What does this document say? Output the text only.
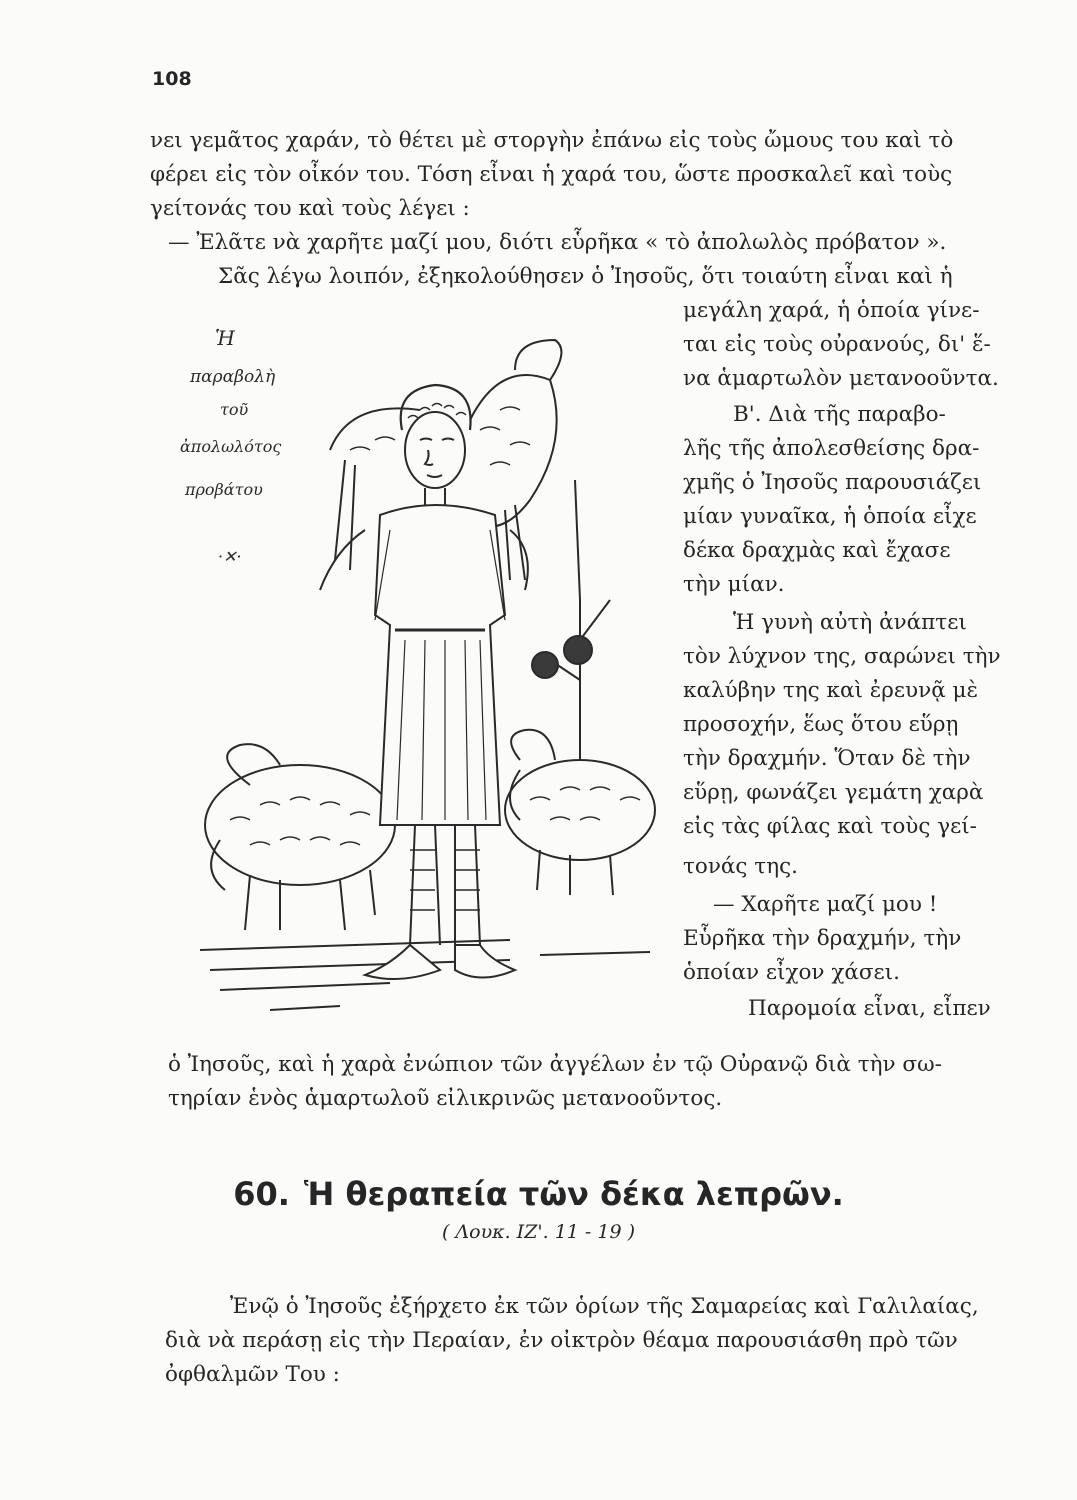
108
νει γεμᾶτος χαράν, τὸ θέτει μὲ στοργὴν ἐπάνω εἰς τοὺς ὤμους του καὶ τὸ
φέρει εἰς τὸν οἶκόν του. Τόση εἶναι ἡ χαρά του, ὥστε προσκαλεῖ καὶ τοὺς
γείτονάς του καὶ τοὺς λέγει :
— Ἐλᾶτε νὰ χαρῆτε μαζί μου, διότι εὗρῆκα « τὸ ἀπολωλὸς πρόβατον ».
Σᾶς λέγω λοιπόν, ἐξηκολούθησεν ὁ Ἰησοῦς, ὅτι τοιαύτη εἶναι καὶ ἡ
μεγάλη χαρά, ἡ ὁποία γίνε-
ται εἰς τοὺς οὐρανούς, δι' ἕ-
να ἁμαρτωλὸν μετανοοῦντα.
Β'. Διὰ τῆς παραβο-
λῆς τῆς ἀπολεσθείσης δρα-
χμῆς ὁ Ἰησοῦς παρουσιάζει
μίαν γυναῖκα, ἡ ὁποία εἶχε
δέκα δραχμὰς καὶ ἔχασε
τὴν μίαν.
Ἡ γυνὴ αὐτὴ ἀνάπτει
τὸν λύχνον της, σαρώνει τὴν
καλύβην της καὶ ἐρευνᾷ μὲ
προσοχήν, ἕως ὅτου εὕρῃ
τὴν δραχμήν. Ὅταν δὲ τὴν
εὕρῃ, φωνάζει γεμάτη χαρὰ
εἰς τὰς φίλας καὶ τοὺς γεί-
τονάς της.
— Χαρῆτε μαζί μου !
Εὗρῆκα τὴν δραχμήν, τὴν
ὁποίαν εἶχον χάσει.
Παρομοία εἶναι, εἶπεν
ὁ Ἰησοῦς, καὶ ἡ χαρὰ ἐνώπιον τῶν ἀγγέλων ἐν τῷ Οὐρανῷ διὰ τὴν σω-
τηρίαν ἑνὸς ἁμαρτωλοῦ εἰλικρινῶς μετανοοῦντος.
Ἡ
παραβολὴ
τοῦ
ἀπολωλότος
προβάτου
·✕·
60. Ἡ θεραπεία τῶν δέκα λεπρῶν.
( Λουκ. ΙΖ'. 11 - 19 )
Ἐνῷ ὁ Ἰησοῦς ἐξήρχετο ἐκ τῶν ὁρίων τῆς Σαμαρείας καὶ Γαλιλαίας,
διὰ νὰ περάσῃ εἰς τὴν Περαίαν, ἐν οἰκτρὸν θέαμα παρουσιάσθη πρὸ τῶν
ὀφθαλμῶν Του :
